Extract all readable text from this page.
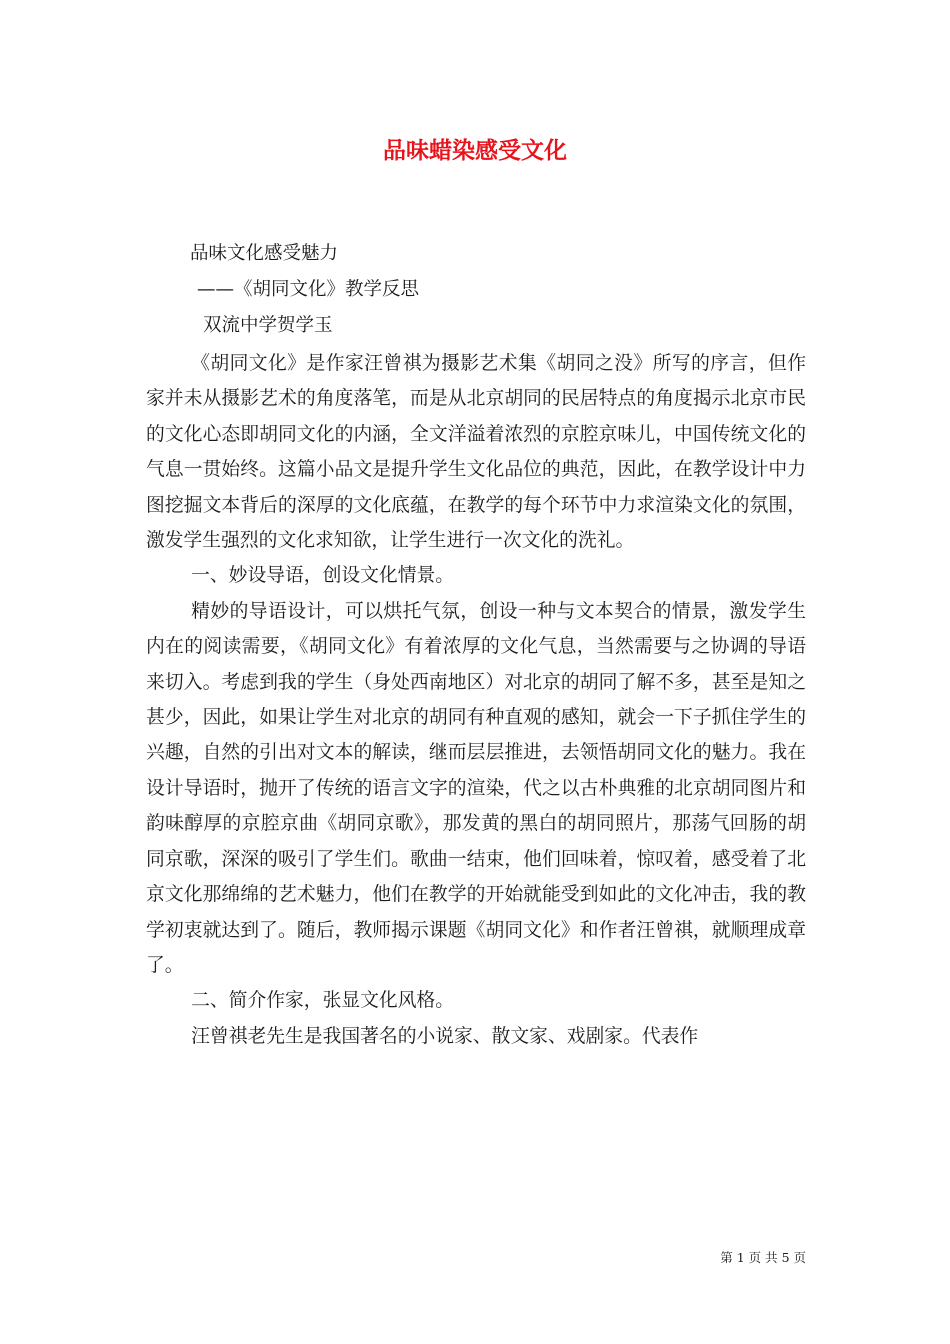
品味蜡染感受文化
品味文化感受魅力
——《胡同文化》教学反思
双流中学贺学玉

《胡同文化》是作家汪曾祺为摄影艺术集《胡同之没》所写的序言，但作家并未从摄影艺术的角度落笔，而是从北京胡同的民居特点的角度揭示北京市民的文化心态即胡同文化的内涵，全文洋溢着浓烈的京腔京味儿，中国传统文化的气息一贯始终。这篇小品文是提升学生文化品位的典范，因此，在教学设计中力图挖掘文本背后的深厚的文化底蕴，在教学的每个环节中力求渲染文化的氛围，激发学生强烈的文化求知欲，让学生进行一次文化的洗礼。

一、妙设导语，创设文化情景。

精妙的导语设计，可以烘托气氛，创设一种与文本契合的情景，激发学生内在的阅读需要，《胡同文化》有着浓厚的文化气息，当然需要与之协调的导语来切入。考虑到我的学生（身处西南地区）对北京的胡同了解不多，甚至是知之甚少，因此，如果让学生对北京的胡同有种直观的感知，就会一下子抓住学生的兴趣，自然的引出对文本的解读，继而层层推进，去领悟胡同文化的魅力。我在设计导语时，抛开了传统的语言文字的渲染，代之以古朴典雅的北京胡同图片和韵味醇厚的京腔京曲《胡同京歌》，那发黄的黑白的胡同照片，那荡气回肠的胡同京歌，深深的吸引了学生们。歌曲一结束，他们回味着，惊叹着，感受着了北京文化那绵绵的艺术魅力，他们在教学的开始就能受到如此的文化冲击，我的教学初衷就达到了。随后，教师揭示课题《胡同文化》和作者汪曾祺，就顺理成章了。

二、简介作家，张显文化风格。

汪曾祺老先生是我国著名的小说家、散文家、戏剧家。代表作

第 1 页 共 5 页
